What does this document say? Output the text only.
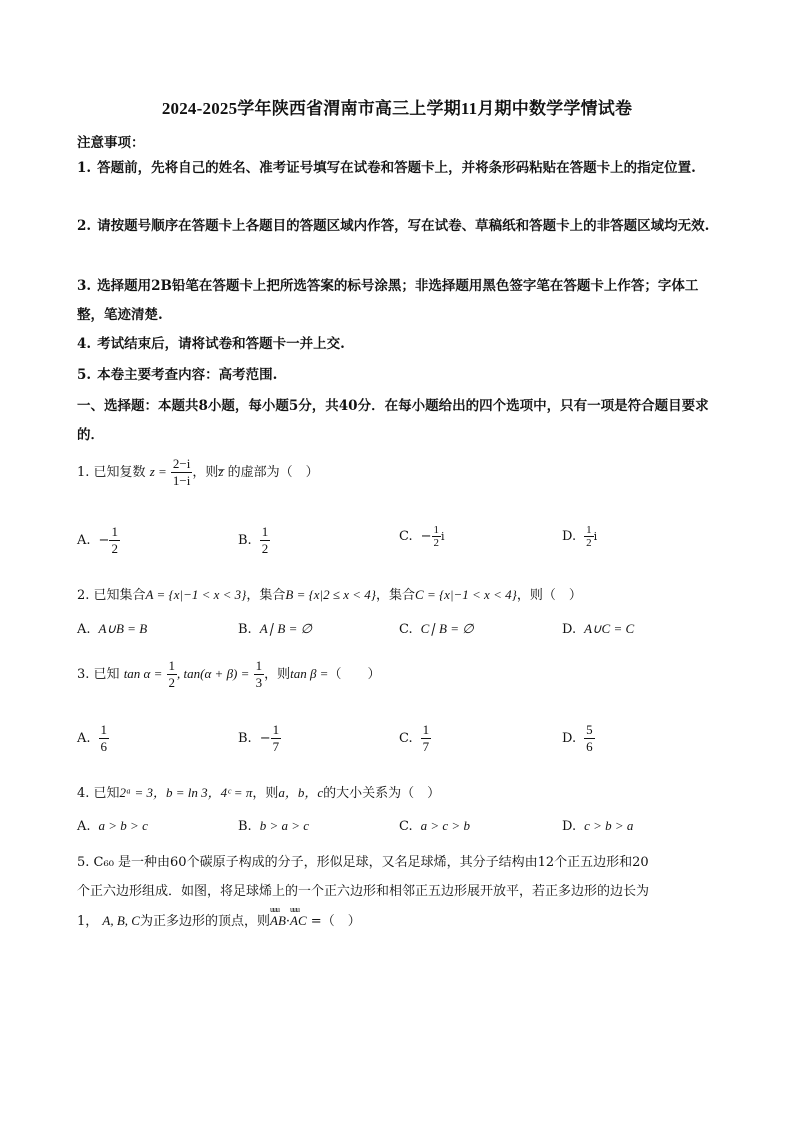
2024-2025学年陕西省渭南市高三上学期11月期中数学学情试卷
注意事项：
1. 答题前，先将自己的姓名、准考证号填写在试卷和答题卡上，并将条形码粘贴在答题卡上的指定位置.
2. 请按题号顺序在答题卡上各题目的答题区域内作答，写在试卷、草稿纸和答题卡上的非答题区域均无效.
3. 选择题用2B铅笔在答题卡上把所选答案的标号涂黑；非选择题用黑色签字笔在答题卡上作答；字体工整，笔迹清楚.
4. 考试结束后，请将试卷和答题卡一并上交.
5. 本卷主要考查内容：高考范围.
一、选择题：本题共8小题，每小题5分，共40分．在每小题给出的四个选项中，只有一项是符合题目要求的．
1. 已知复数 $z = \frac{2-i}{1-i}$ ，则z̅ 的虚部为（　）
A. − $\frac{1}{2}$	B. $\frac{1}{2}$	C. − $\frac{1}{2}$ i	D. $\frac{1}{2}$ i
2. 已知集合A = {x|−1 < x < 3}，集合B = {x|2 ≤ x < 4}，集合C = {x|−1 < x < 4}，则（　）
A. A∪B = B	B. A∣ B = ∅	C. C∣ B = ∅	D. A∪C = C
3. 已知 $\tan \alpha = \frac{1}{2}$ , $\tan(\alpha + \beta) = \frac{1}{3}$ ，则tan β =（　　）
A. $\frac{1}{6}$	B. − $\frac{1}{7}$	C. $\frac{1}{7}$	D. $\frac{5}{6}$
4. 已知2ᵃ = 3，b = ln 3，4ᶜ = π，则a，b，c的大小关系为（　）
A. a > b > c	B. b > a > c	C. a > c > b	D. c > b > a
5. C₆₀ 是一种由60个碳原子构成的分子，形似足球，又名足球烯，其分子结构由12个正五边形和20
个正六边形组成．如图，将足球烯上的一个正六边形和相邻正五边形展开放平，若正多边形的边长为
1， A, B, C为正多边形的顶点，则uuu AB·uuu AC =（　）
